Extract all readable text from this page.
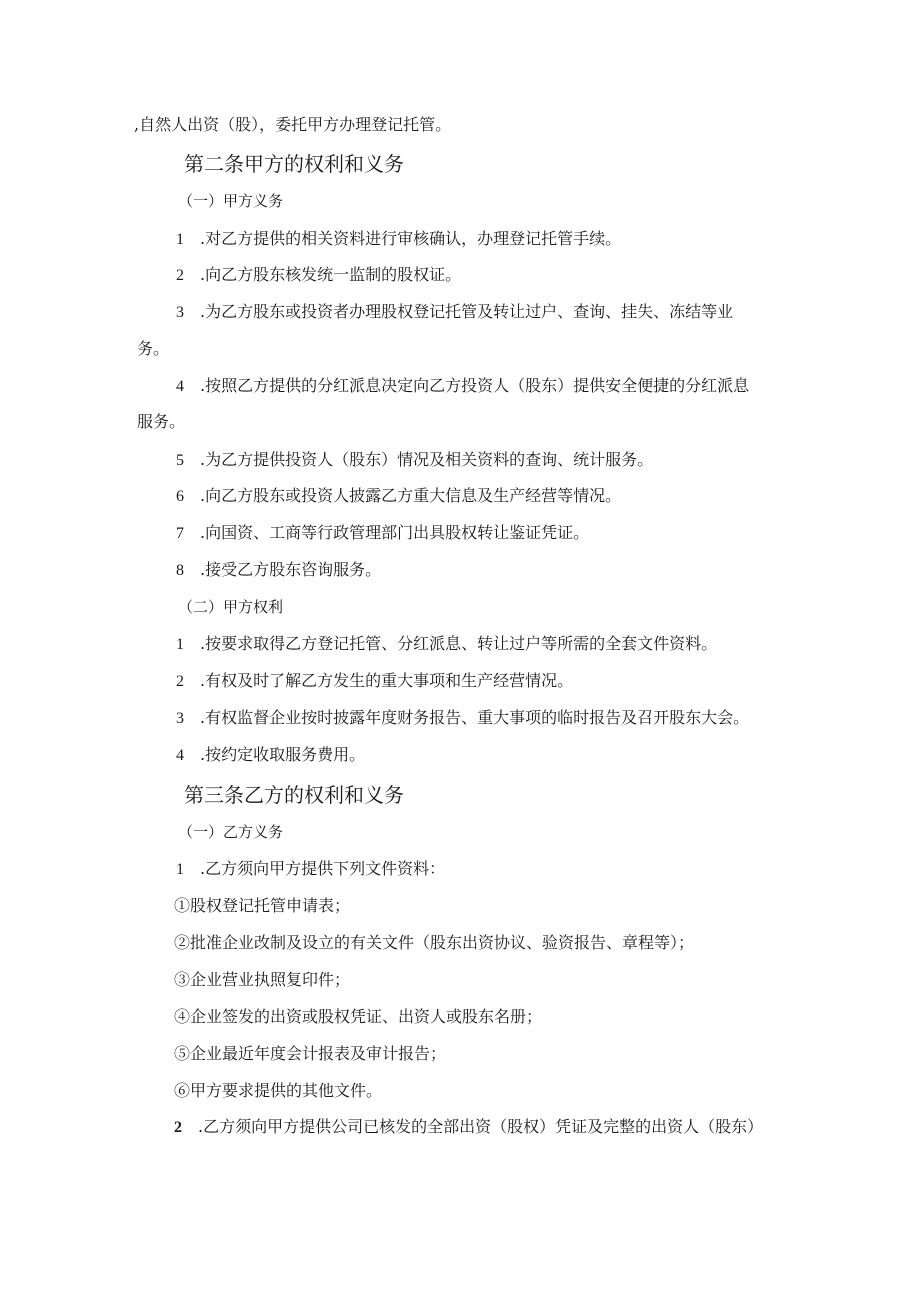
,自然人出资（股），委托甲方办理登记托管。
第二条甲方的权利和义务
（一）甲方义务
1 .对乙方提供的相关资料进行审核确认，办理登记托管手续。
2 .向乙方股东核发统一监制的股权证。
3 .为乙方股东或投资者办理股权登记托管及转让过户、查询、挂失、冻结等业
务。
4 .按照乙方提供的分红派息决定向乙方投资人（股东）提供安全便捷的分红派息
服务。
5 .为乙方提供投资人（股东）情况及相关资料的查询、统计服务。
6 .向乙方股东或投资人披露乙方重大信息及生产经营等情况。
7 .向国资、工商等行政管理部门出具股权转让鉴证凭证。
8 .接受乙方股东咨询服务。
（二）甲方权利
1 .按要求取得乙方登记托管、分红派息、转让过户等所需的全套文件资料。
2 .有权及时了解乙方发生的重大事项和生产经营情况。
3 .有权监督企业按时披露年度财务报告、重大事项的临时报告及召开股东大会。
4 .按约定收取服务费用。
第三条乙方的权利和义务
（一）乙方义务
1 .乙方须向甲方提供下列文件资料：
①股权登记托管申请表；
②批准企业改制及设立的有关文件（股东出资协议、验资报告、章程等）；
③企业营业执照复印件；
④企业签发的出资或股权凭证、出资人或股东名册；
⑤企业最近年度会计报表及审计报告；
⑥甲方要求提供的其他文件。
2 .乙方须向甲方提供公司已核发的全部出资（股权）凭证及完整的出资人（股东）
